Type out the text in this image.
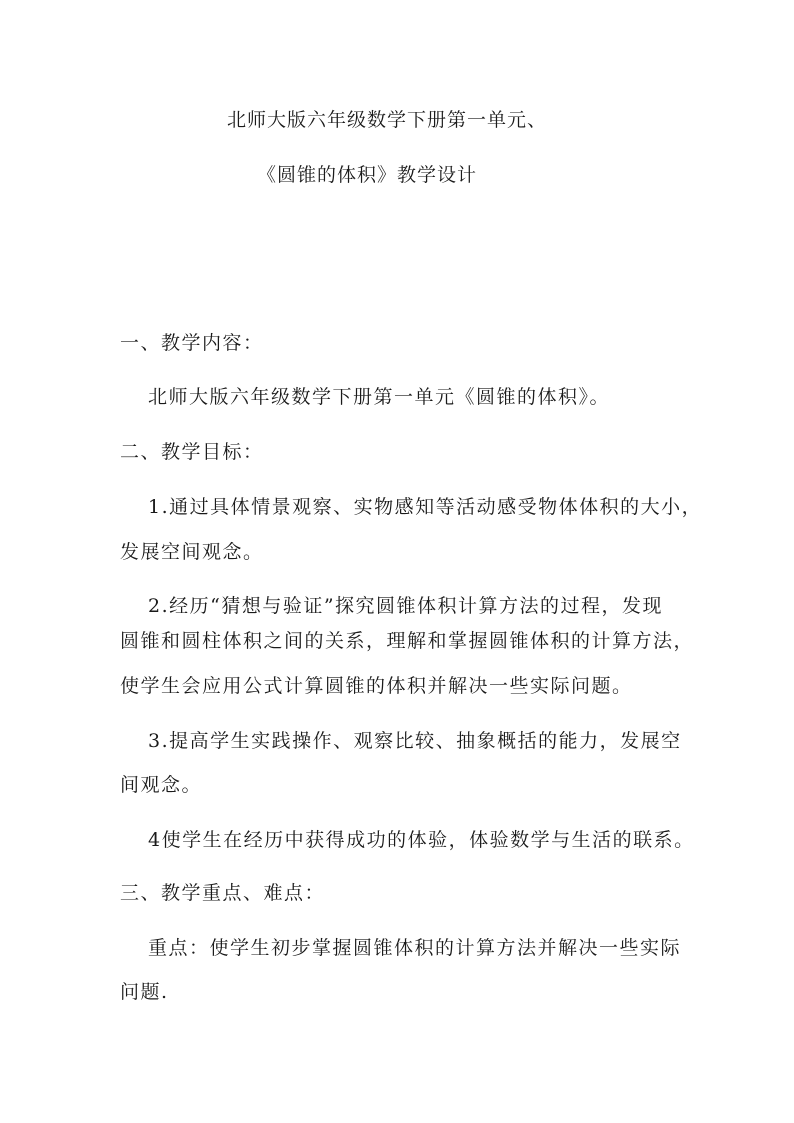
北师大版六年级数学下册第一单元、
《圆锥的体积》教学设计
一、教学内容：
北师大版六年级数学下册第一单元《圆锥的体积》。
二、教学目标：
1.通过具体情景观察、实物感知等活动感受物体体积的大小，
发展空间观念。
2.经历“猜想与验证”探究圆锥体积计算方法的过程，发现
圆锥和圆柱体积之间的关系，理解和掌握圆锥体积的计算方法，
使学生会应用公式计算圆锥的体积并解决一些实际问题。
3.提高学生实践操作、观察比较、抽象概括的能力，发展空
间观念。
4使学生在经历中获得成功的体验，体验数学与生活的联系。
三、教学重点、难点：
重点：使学生初步掌握圆锥体积的计算方法并解决一些实际
问题.
